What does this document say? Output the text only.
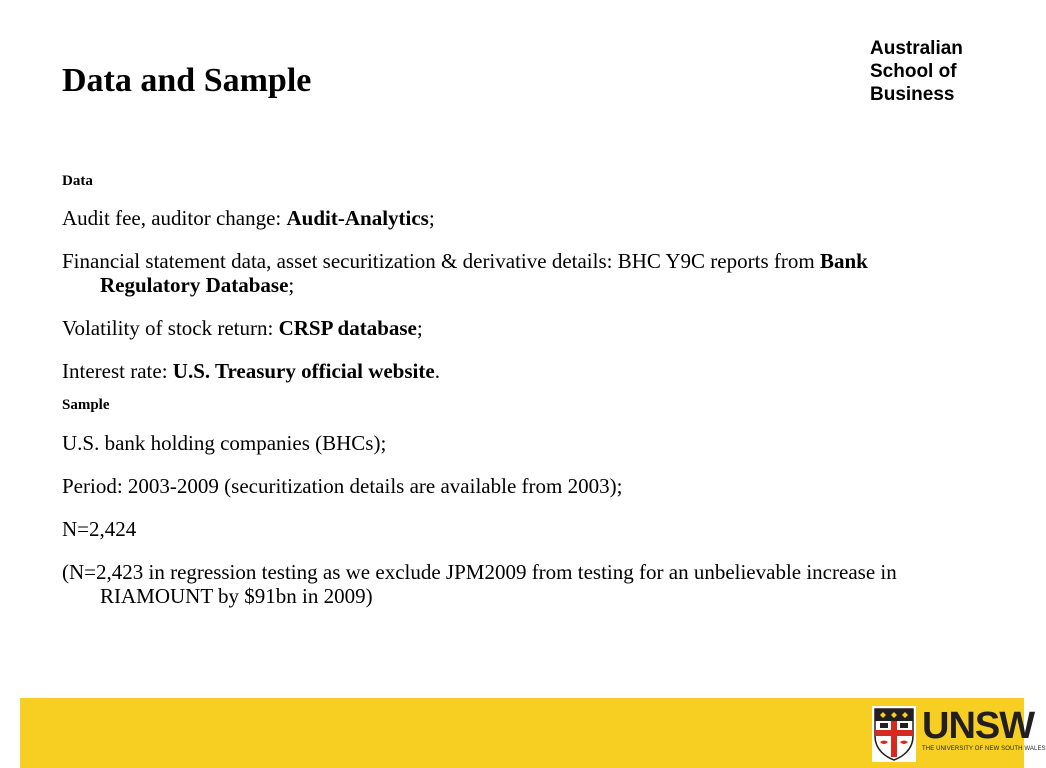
Data and Sample
Australian
School of
Business
Data

Audit fee, auditor change: Audit-Analytics;

Financial statement data, asset securitization & derivative details: BHC Y9C reports from Bank Regulatory Database;

Volatility of stock return: CRSP database;

Interest rate: U.S. Treasury official website.

Sample

U.S. bank holding companies (BHCs);

Period: 2003-2009 (securitization details are available from 2003);

N=2,424

(N=2,423 in regression testing as we exclude JPM2009 from testing for an unbelievable increase in RIAMOUNT by $91bn in 2009)

UNSW
THE UNIVERSITY OF NEW SOUTH WALES
